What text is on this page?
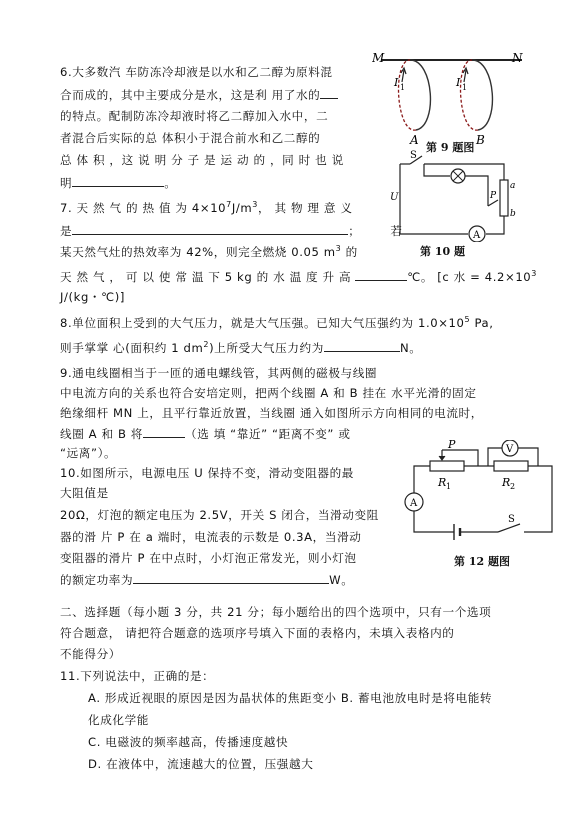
6.大多数汽 车防冻冷却液是以水和乙二醇为原料混
合而成的，其中主要成分是水，这是利 用了水的
的特点。配制防冻冷却液时将乙二醇加入水中，二
者混合后实际的总 体积小于混合前水和乙二醇的
总 体 积 ，这 说 明 分 子 是 运 动 的 ，同 时 也 说
明	。
7. 天 然 气 的 热 值 为 $4\times 10^7J/m^3$， 其 物 理 意 义
是	；	若
某天然气灶的热效率为 42%，则完全燃烧 0.05 $m^3$ 的
天 然 气 ， 可 以 使 常 温 下 5 kg 的 水 温 度 升 高	℃。 [c 水 = $4.2\times 10^3$
J/(kg・℃)]
8.单位面积上受到的大气压力，就是大气压强。已知大气压强约为 $1.0\times 10^5$ Pa,
则手掌掌 心(面积约 1 $dm^2$)上所受大气压力约为	N。
9.通电线圈相当于一匝的通电螺线管，其两侧的磁极与线圈
中电流方向的关系也符合安培定则，把两个线圈 A 和 B 挂在 水平光滑的固定
绝缘细杆 MN 上，且平行靠近放置，当线圈 通入如图所示方向相同的电流时，
线圈 A 和 B 将	（选 填 “靠近” “距离不变” 或
“远离”）。
10.如图所示，电源电压 U 保持不变，滑动变阻器的最
大阻值是
20Ω，灯泡的额定电压为 2.5V，开关 S 闭合，当滑动变阻
器的滑 片 P 在 a 端时，电流表的示数是 0.3A，当滑动
变阻器的滑片 P 在中点时，小灯泡正常发光，则小灯泡
的额定功率为	W。
二、选择题（每小题 3 分，共 21 分；每小题给出的四个选项中，只有一个选项
符合题意， 请把符合题意的选项序号填入下面的表格内，未填入表格内的
不能得分）
11.下列说法中，正确的是：
A. 形成近视眼的原因是因为晶状体的焦距变小 B. 蓄电池放电时是将电能转
化成化学能
C. 电磁波的频率越高，传播速度越快
D. 在液体中，流速越大的位置，压强越大
M	N
I 1
A
I 1
B
第 9 题图
S
U
a
P
b
A
第 10 题
P
R 1	R 2
V
A
S
第 12 题图
